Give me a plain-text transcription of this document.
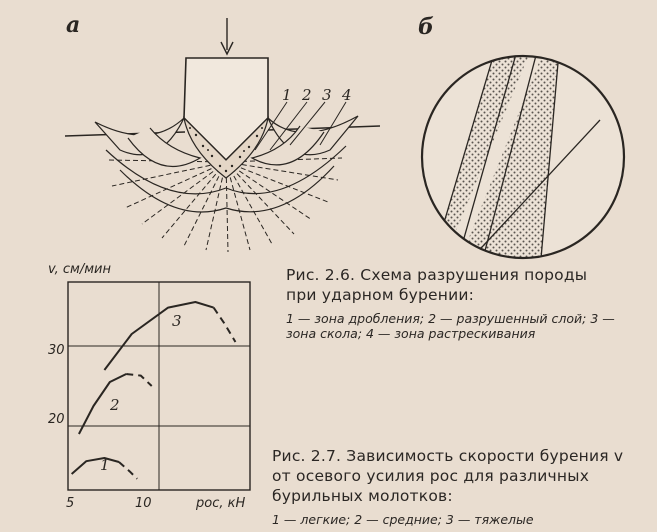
а	б
1 2 3 4
Рис. 2.6. Схема разрушения породы при ударном бурении:
1 — зона дробления; 2 — разрушенный слой; 3 — зона скола; 4 — зона растрескивания
Рис. 2.7. Зависимость скорости бурения v от осевого усилия pос для различных бурильных молотков:
1 — легкие; 2 — средние; 3 — тяжелые
v, см/мин
pос, кН
30
20
5	10
1
2
3
